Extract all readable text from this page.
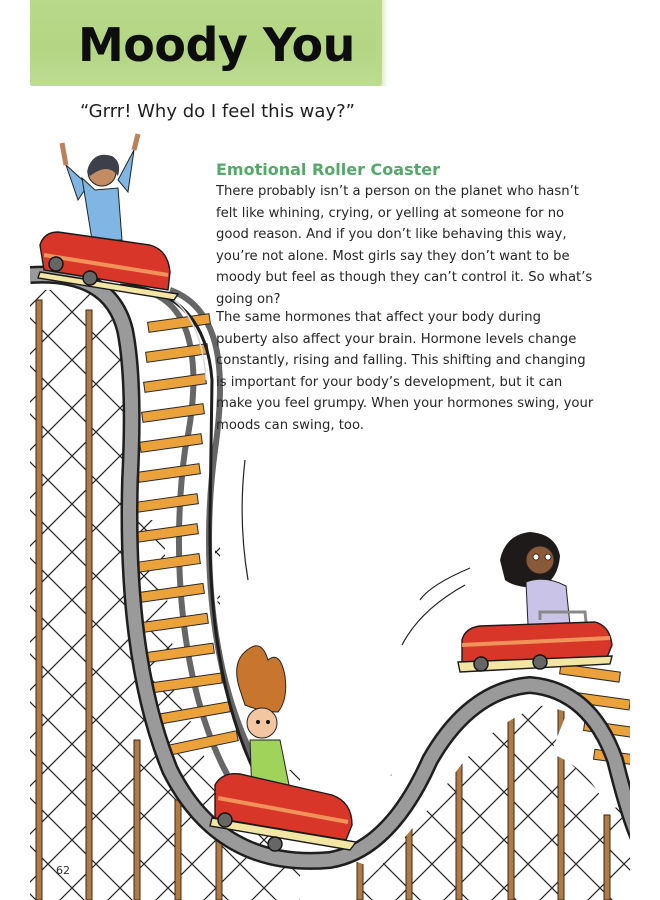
Moody You

“Grrr! Why do I feel this way?”

Emotional Roller Coaster

There probably isn’t a person on the planet who hasn’t felt like whining, crying, or yelling at someone for no good reason. And if you don’t like behaving this way, you’re not alone. Most girls say they don’t want to be moody but feel as though they can’t control it. So what’s going on?

The same hormones that affect your body during puberty also affect your brain. Hormone levels change constantly, rising and falling. This shifting and changing is important for your body’s development, but it can make you feel grumpy. When your hormones swing, your moods can swing, too.

62
